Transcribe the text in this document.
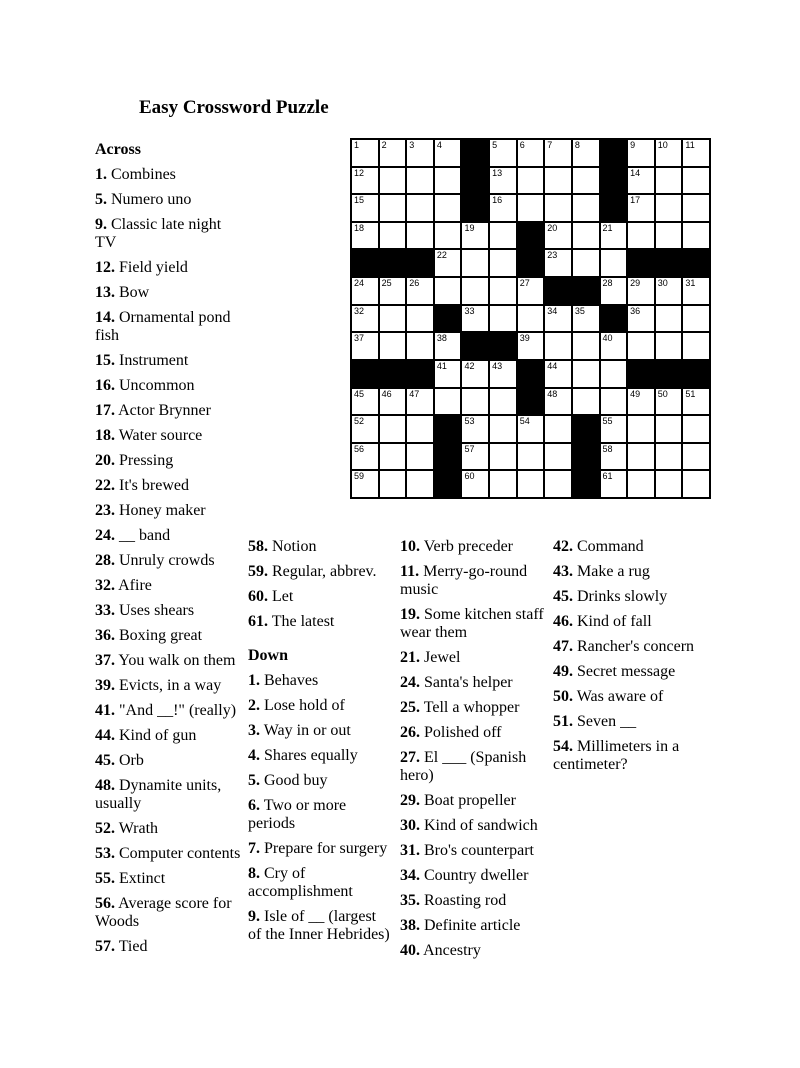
Easy Crossword Puzzle
1	2	3	4	5	6	7	8	9	10 11
12	13	14
15	16	17
18	19	20	21
22	23
24 25 26	27	28 29 30 31
32	33	34 35	36
37	38	39	40
41 42 43	44
45 46 47	48	49 50 51
52	53	54	55
56	57	58
59	60	61

Across

1. Combines

5. Numero uno

9. Classic late night TV

12. Field yield

13. Bow

14. Ornamental pond fish

15. Instrument

16. Uncommon

17. Actor Brynner

18. Water source

20. Pressing

22. It's brewed

23. Honey maker

24. __ band

28. Unruly crowds

32. Afire

33. Uses shears

36. Boxing great

37. You walk on them

39. Evicts, in a way

41. "And __!" (really)

44. Kind of gun

45. Orb

48. Dynamite units, usually

52. Wrath

53. Computer contents

55. Extinct

56. Average score for Woods

57. Tied

58. Notion

59. Regular, abbrev.

60. Let

61. The latest

Down

1. Behaves

2. Lose hold of

3. Way in or out

4. Shares equally

5. Good buy

6. Two or more periods

7. Prepare for surgery

8. Cry of accomplishment

9. Isle of __ (largest of the Inner Hebrides)

10. Verb preceder

11. Merry-go-round music

19. Some kitchen staff wear them

21. Jewel

24. Santa's helper

25. Tell a whopper

26. Polished off

27. El ___ (Spanish hero)

29. Boat propeller

30. Kind of sandwich

31. Bro's counterpart

34. Country dweller

35. Roasting rod

38. Definite article

40. Ancestry

42. Command

43. Make a rug

45. Drinks slowly

46. Kind of fall

47. Rancher's concern

49. Secret message

50. Was aware of

51. Seven __

54. Millimeters in a centimeter?
